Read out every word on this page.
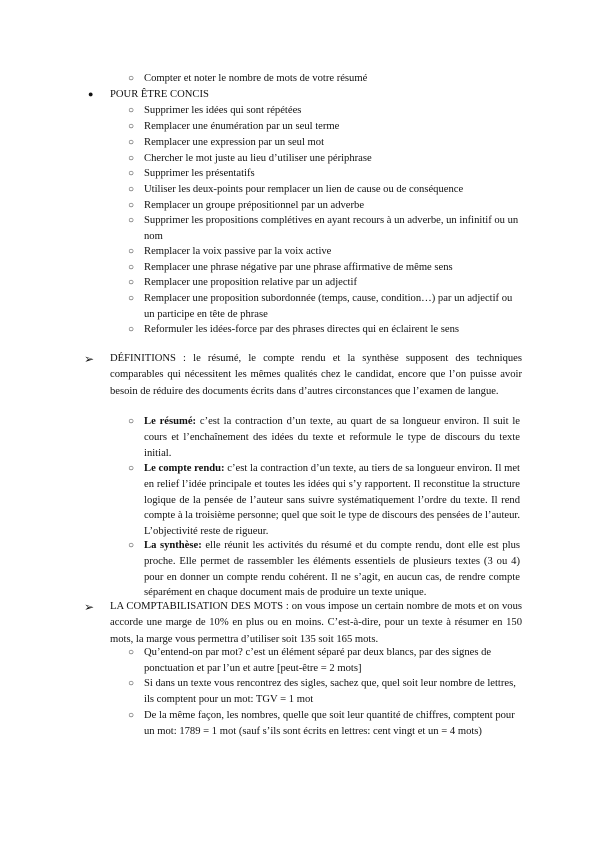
○ Compter et noter le nombre de mots de votre résumé
● POUR ÊTRE CONCIS
○ Supprimer les idées qui sont répétées
○ Remplacer une énumération par un seul terme
○ Remplacer une expression par un seul mot
○ Chercher le mot juste au lieu d’utiliser une périphrase
○ Supprimer les présentatifs
○ Utiliser les deux-points pour remplacer un lien de cause ou de conséquence
○ Remplacer un groupe prépositionnel par un adverbe
○ Supprimer les propositions complétives en ayant recours à un adverbe, un infinitif ou un nom
○ Remplacer la voix passive par la voix active
○ Remplacer une phrase négative par une phrase affirmative de même sens
○ Remplacer une proposition relative par un adjectif
○ Remplacer une proposition subordonnée (temps, cause, condition…) par un adjectif ou un participe en tête de phrase
○ Reformuler les idées-force par des phrases directes qui en éclairent le sens
➢ DÉFINITIONS : le résumé, le compte rendu et la synthèse supposent des techniques comparables qui nécessitent les mêmes qualités chez le candidat, encore que l’on puisse avoir besoin de réduire des documents écrits dans d’autres circonstances que l’examen de langue.
○ Le résumé: c’est la contraction d’un texte, au quart de sa longueur environ. Il suit le cours et l’enchaînement des idées du texte et reformule le type de discours du texte initial.
○ Le compte rendu: c’est la contraction d’un texte, au tiers de sa longueur environ. Il met en relief l’idée principale et toutes les idées qui s’y rapportent. Il reconstitue la structure logique de la pensée de l’auteur sans suivre systématiquement l’ordre du texte. Il rend compte à la troisième personne; quel que soit le type de discours des pensées de l’auteur. L’objectivité reste de rigueur.
○ La synthèse: elle réunit les activités du résumé et du compte rendu, dont elle est plus proche. Elle permet de rassembler les éléments essentiels de plusieurs textes (3 ou 4) pour en donner un compte rendu cohérent. Il ne s’agit, en aucun cas, de rendre compte séparément en chaque document mais de produire un texte unique.
➢ LA COMPTABILISATION DES MOTS : on vous impose un certain nombre de mots et on vous accorde une marge de 10% en plus ou en moins. C’est-à-dire, pour un texte à résumer en 150 mots, la marge vous permettra d’utiliser soit 135 soit 165 mots.
○ Qu’entend-on par mot? c’est un élément séparé par deux blancs, par des signes de ponctuation et par l’un et autre [peut-être = 2 mots]
○ Si dans un texte vous rencontrez des sigles, sachez que, quel soit leur nombre de lettres, ils comptent pour un mot: TGV = 1 mot
○ De la même façon, les nombres, quelle que soit leur quantité de chiffres, comptent pour un mot: 1789 = 1 mot (sauf s’ils sont écrits en lettres: cent vingt et un = 4 mots)
